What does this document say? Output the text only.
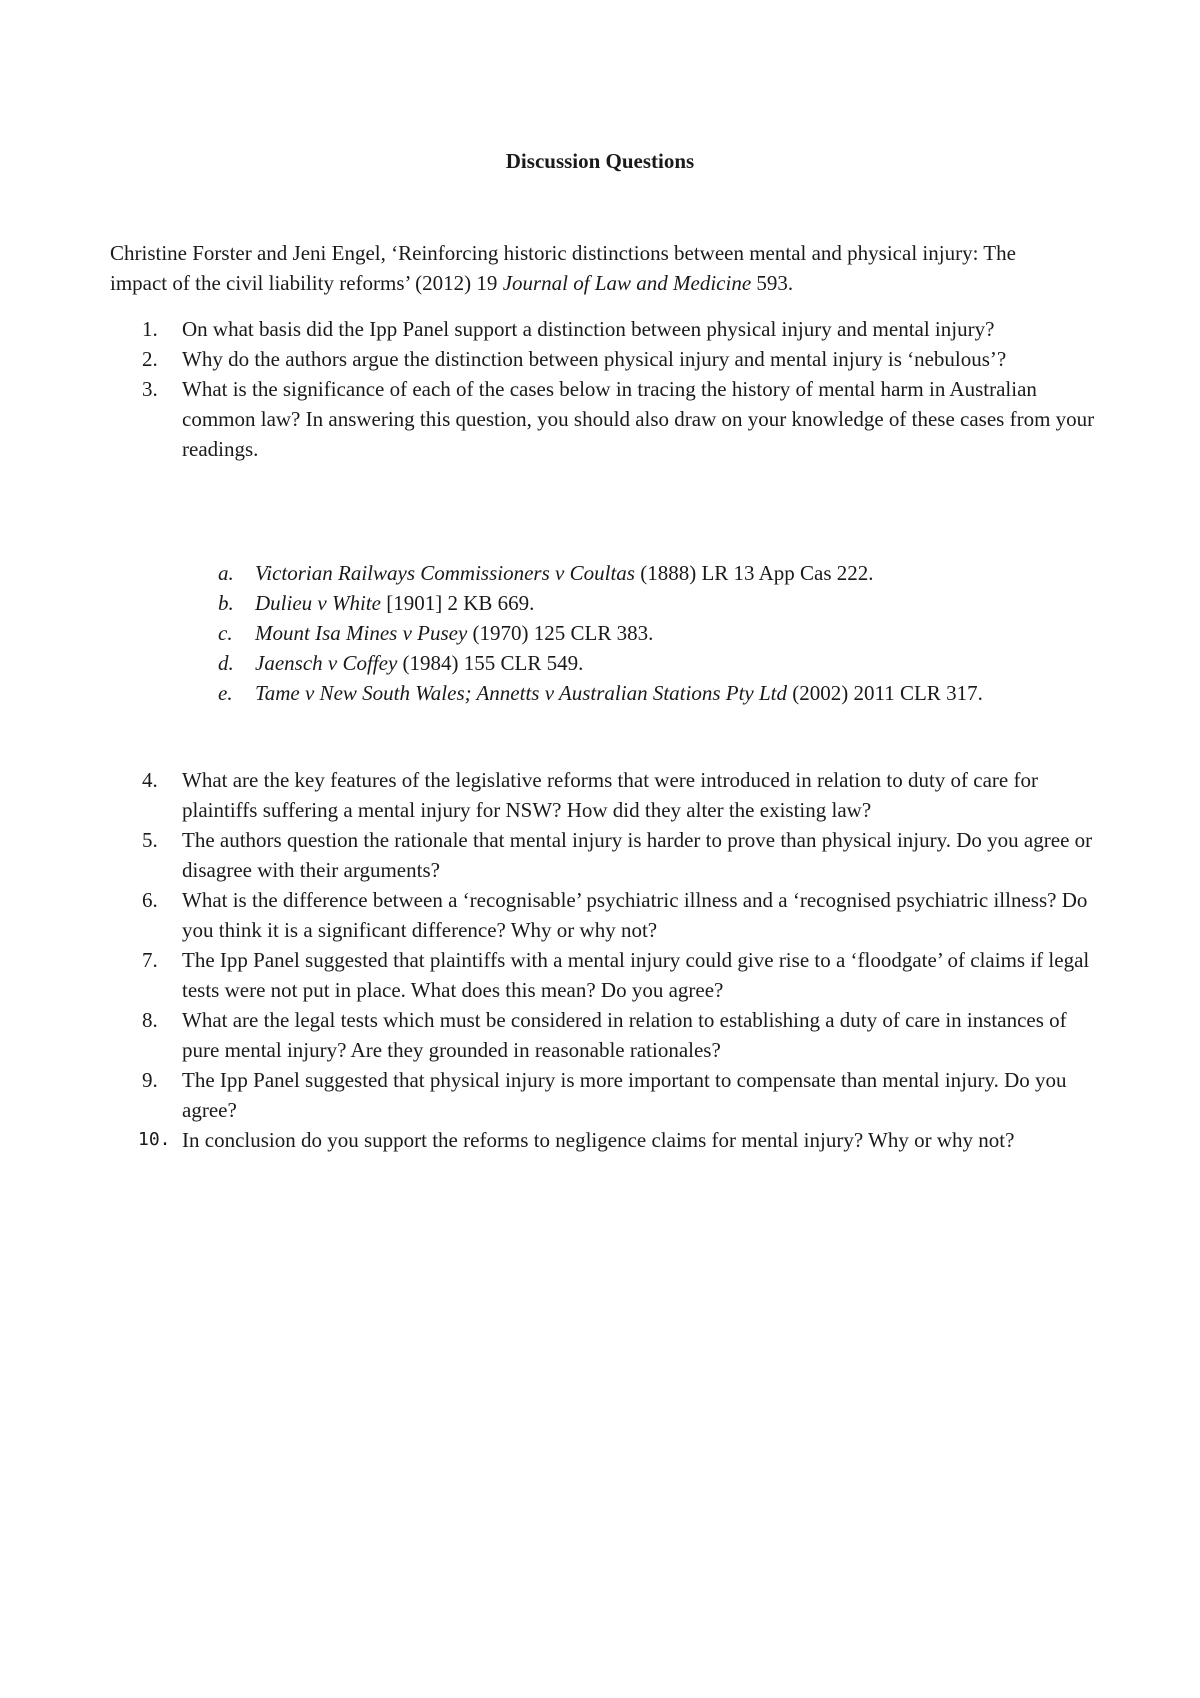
Discussion Questions

Christine Forster and Jeni Engel, ‘Reinforcing historic distinctions between mental and physical injury: The impact of the civil liability reforms’ (2012) 19 Journal of Law and Medicine 593.

1.	On what basis did the Ipp Panel support a distinction between physical injury and mental injury?
2.	Why do the authors argue the distinction between physical injury and mental injury is ‘nebulous’?
3.	What is the significance of each of the cases below in tracing the history of mental harm in Australian common law? In answering this question, you should also draw on your knowledge of these cases from your readings.
a. Victorian Railways Commissioners v Coultas (1888) LR 13 App Cas 222.
b. Dulieu v White [1901] 2 KB 669.
c. Mount Isa Mines v Pusey (1970) 125 CLR 383.
d. Jaensch v Coffey (1984) 155 CLR 549.
e. Tame v New South Wales; Annetts v Australian Stations Pty Ltd (2002) 2011 CLR 317.
4.	What are the key features of the legislative reforms that were introduced in relation to duty of care for plaintiffs suffering a mental injury for NSW? How did they alter the existing law?
5.	The authors question the rationale that mental injury is harder to prove than physical injury. Do you agree or disagree with their arguments?
6.	What is the difference between a ‘recognisable’ psychiatric illness and a ‘recognised psychiatric illness? Do you think it is a significant difference? Why or why not?
7.	The Ipp Panel suggested that plaintiffs with a mental injury could give rise to a ‘floodgate’ of claims if legal tests were not put in place. What does this mean? Do you agree?
8.	What are the legal tests which must be considered in relation to establishing a duty of care in instances of pure mental injury? Are they grounded in reasonable rationales?
9.	The Ipp Panel suggested that physical injury is more important to compensate than mental injury. Do you agree?
10. In conclusion do you support the reforms to negligence claims for mental injury? Why or why not?
